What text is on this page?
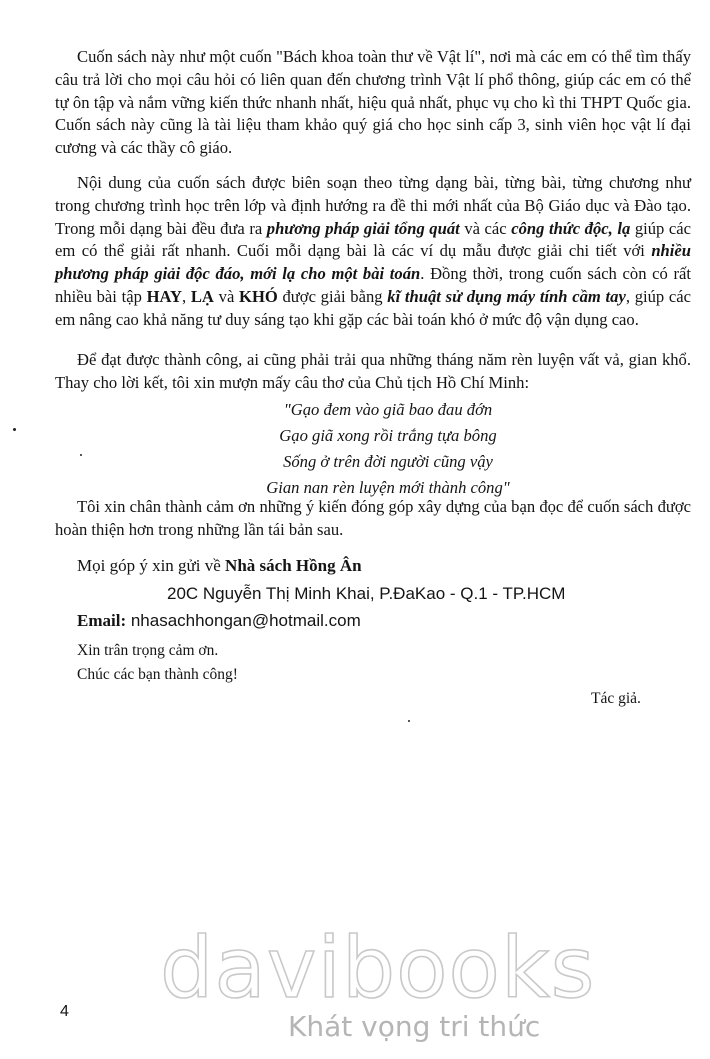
Cuốn sách này như một cuốn "Bách khoa toàn thư về Vật lí", nơi mà các em có thể tìm thấy câu trả lời cho mọi câu hỏi có liên quan đến chương trình Vật lí phổ thông, giúp các em có thể tự ôn tập và nắm vững kiến thức nhanh nhất, hiệu quả nhất, phục vụ cho kì thi THPT Quốc gia. Cuốn sách này cũng là tài liệu tham khảo quý giá cho học sinh cấp 3, sinh viên học vật lí đại cương và các thầy cô giáo.

Nội dung của cuốn sách được biên soạn theo từng dạng bài, từng bài, từng chương như trong chương trình học trên lớp và định hướng ra đề thi mới nhất của Bộ Giáo dục và Đào tạo. Trong mỗi dạng bài đều đưa ra phương pháp giải tổng quát và các công thức độc, lạ giúp các em có thể giải rất nhanh. Cuối mỗi dạng bài là các ví dụ mẫu được giải chi tiết với nhiều phương pháp giải độc đáo, mới lạ cho một bài toán. Đồng thời, trong cuốn sách còn có rất nhiều bài tập HAY, LẠ và KHÓ được giải bằng kĩ thuật sử dụng máy tính cầm tay, giúp các em nâng cao khả năng tư duy sáng tạo khi gặp các bài toán khó ở mức độ vận dụng cao.

Để đạt được thành công, ai cũng phải trải qua những tháng năm rèn luyện vất vả, gian khổ. Thay cho lời kết, tôi xin mượn mấy câu thơ của Chủ tịch Hồ Chí Minh:

"Gạo đem vào giã bao đau đớn
Gạo giã xong rồi trắng tựa bông
Sống ở trên đời người cũng vậy
Gian nan rèn luyện mới thành công"

Tôi xin chân thành cảm ơn những ý kiến đóng góp xây dựng của bạn đọc để cuốn sách được hoàn thiện hơn trong những lần tái bản sau.

Mọi góp ý xin gửi về Nhà sách Hồng Ân
20C Nguyễn Thị Minh Khai, P.ĐaKao - Q.1 - TP.HCM
Email: nhasachhongan@hotmail.com
Xin trân trọng cảm ơn.
Chúc các bạn thành công!
Tác giả.
davibooks
Khát vọng tri thức
4
